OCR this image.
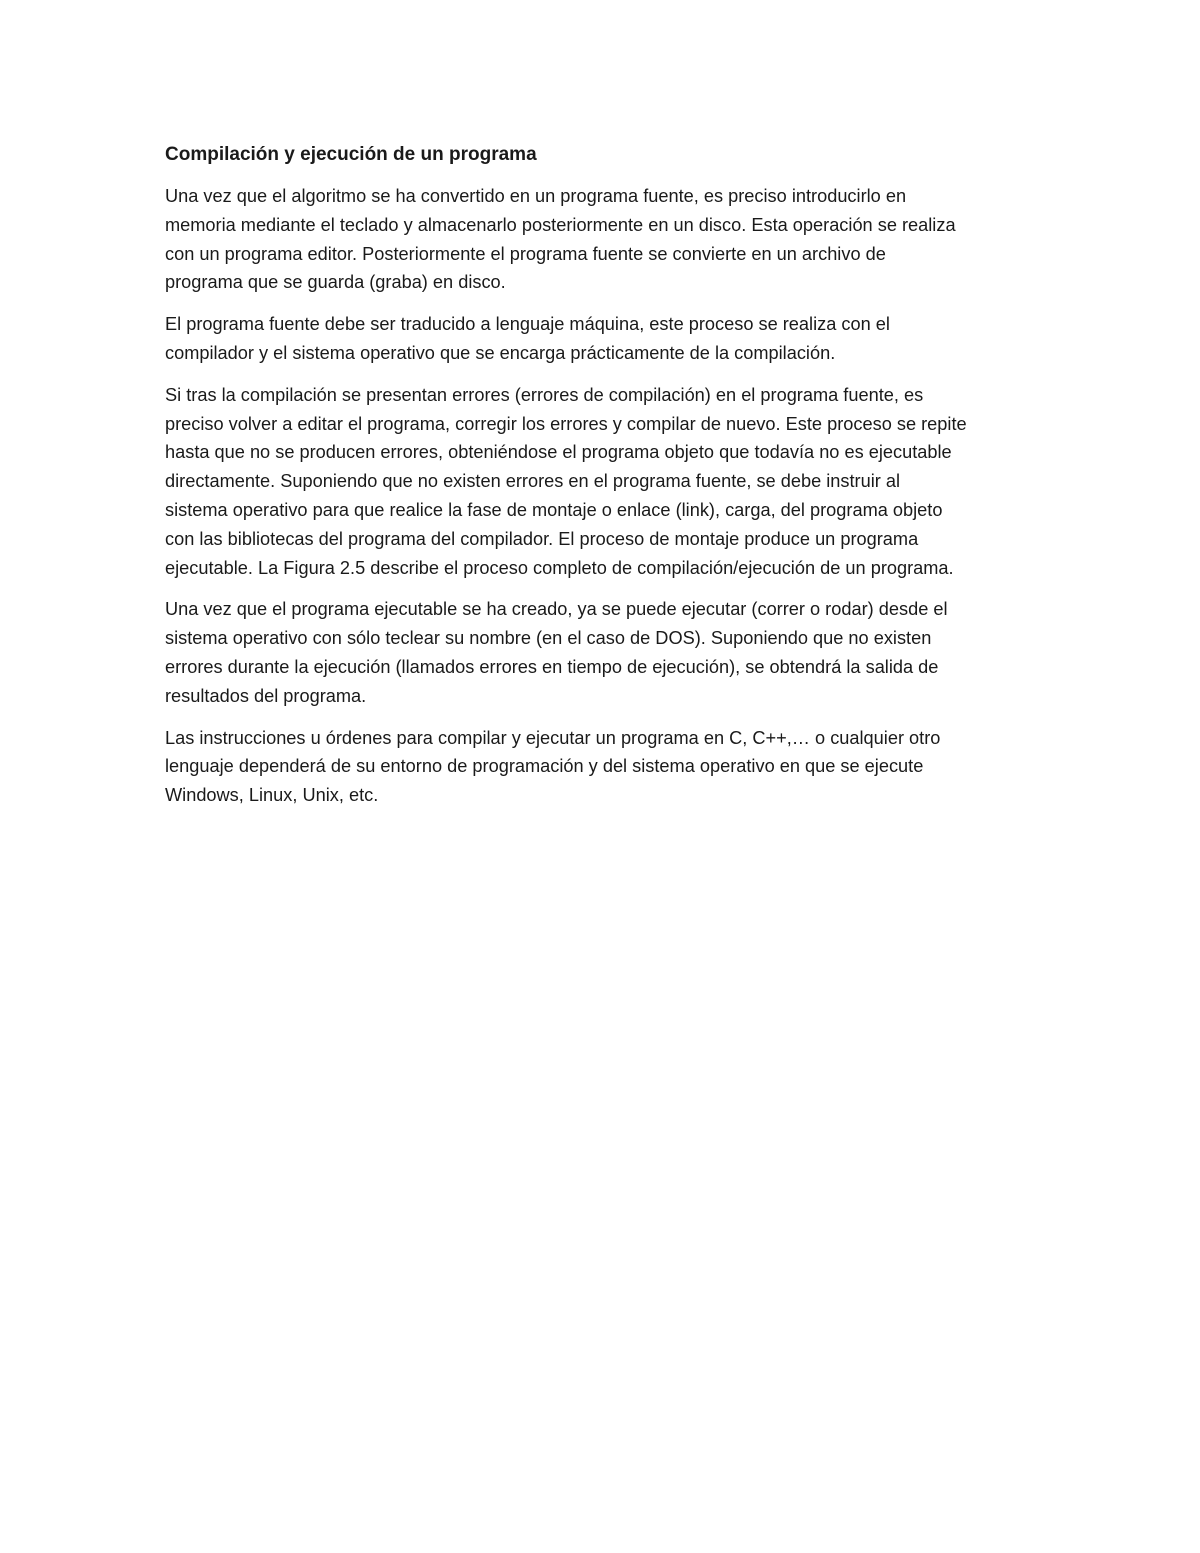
Compilación y ejecución de un programa
Una vez que el algoritmo se ha convertido en un programa fuente, es preciso introducirlo en
memoria mediante el teclado y almacenarlo posteriormente en un disco. Esta operación se realiza
con un programa editor. Posteriormente el programa fuente se convierte en un archivo de
programa que se guarda (graba) en disco.
El programa fuente debe ser traducido a lenguaje máquina, este proceso se realiza con el
compilador y el sistema operativo que se encarga prácticamente de la compilación.
Si tras la compilación se presentan errores (errores de compilación) en el programa fuente, es
preciso volver a editar el programa, corregir los errores y compilar de nuevo. Este proceso se repite
hasta que no se producen errores, obteniéndose el programa objeto que todavía no es ejecutable
directamente. Suponiendo que no existen errores en el programa fuente, se debe instruir al
sistema operativo para que realice la fase de montaje o enlace (link), carga, del programa objeto
con las bibliotecas del programa del compilador. El proceso de montaje produce un programa
ejecutable. La Figura 2.5 describe el proceso completo de compilación/ejecución de un programa.
Una vez que el programa ejecutable se ha creado, ya se puede ejecutar (correr o rodar) desde el
sistema operativo con sólo teclear su nombre (en el caso de DOS). Suponiendo que no existen
errores durante la ejecución (llamados errores en tiempo de ejecución), se obtendrá la salida de
resultados del programa.
Las instrucciones u órdenes para compilar y ejecutar un programa en C, C++,… o cualquier otro
lenguaje dependerá de su entorno de programación y del sistema operativo en que se ejecute
Windows, Linux, Unix, etc.
